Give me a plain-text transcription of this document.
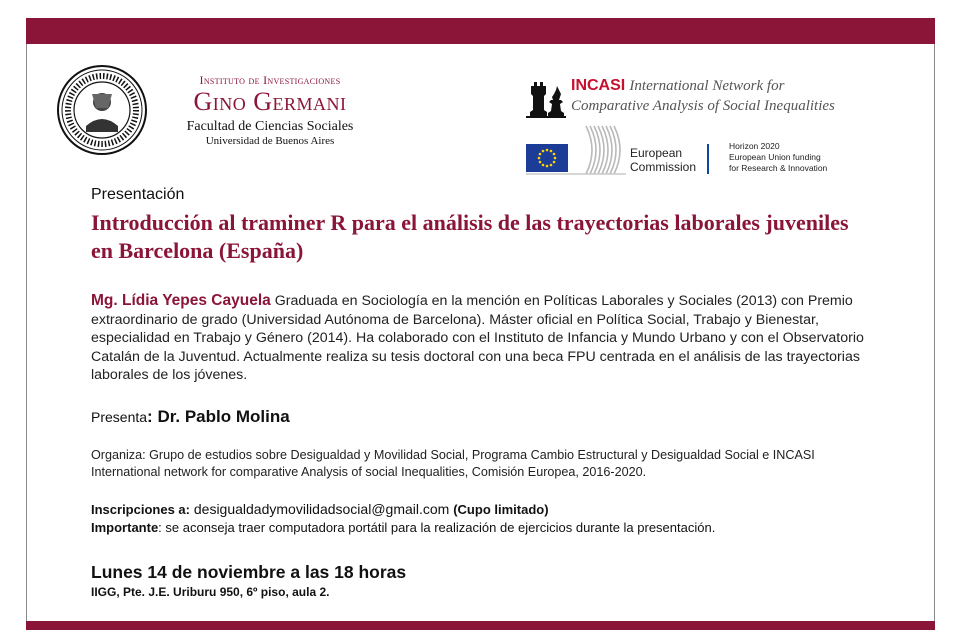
Instituto de Investigaciones
Gino Germani
Facultad de Ciencias Sociales
Universidad de Buenos Aires
INCASI International Network for
Comparative Analysis of Social Inequalities
European
Commission
Horizon 2020
European Union funding
for Research & Innovation
Presentación
Introducción al traminer R para el análisis de las trayectorias laborales juveniles en Barcelona (España)
Mg. Lídia Yepes Cayuela Graduada en Sociología en la mención en Políticas Laborales y Sociales (2013) con Premio extraordinario de grado (Universidad Autónoma de Barcelona). Máster oficial en Política Social, Trabajo y Bienestar, especialidad en Trabajo y Género (2014). Ha colaborado con el Instituto de Infancia y Mundo Urbano y con el Observatorio Catalán de la Juventud. Actualmente realiza su tesis doctoral con una beca FPU centrada en el análisis de las trayectorias laborales de los jóvenes.
Presenta: Dr. Pablo Molina
Organiza: Grupo de estudios sobre Desigualdad y Movilidad Social, Programa Cambio Estructural y Desigualdad Social e INCASI International network for comparative Analysis of social Inequalities, Comisión Europea, 2016-2020.
Inscripciones a: desigualdadymovilidadsocial@gmail.com (Cupo limitado)
Importante: se aconseja traer computadora portátil para la realización de ejercicios durante la presentación.
Lunes 14 de noviembre a las 18 horas
IIGG, Pte. J.E. Uriburu 950, 6º piso, aula 2.
